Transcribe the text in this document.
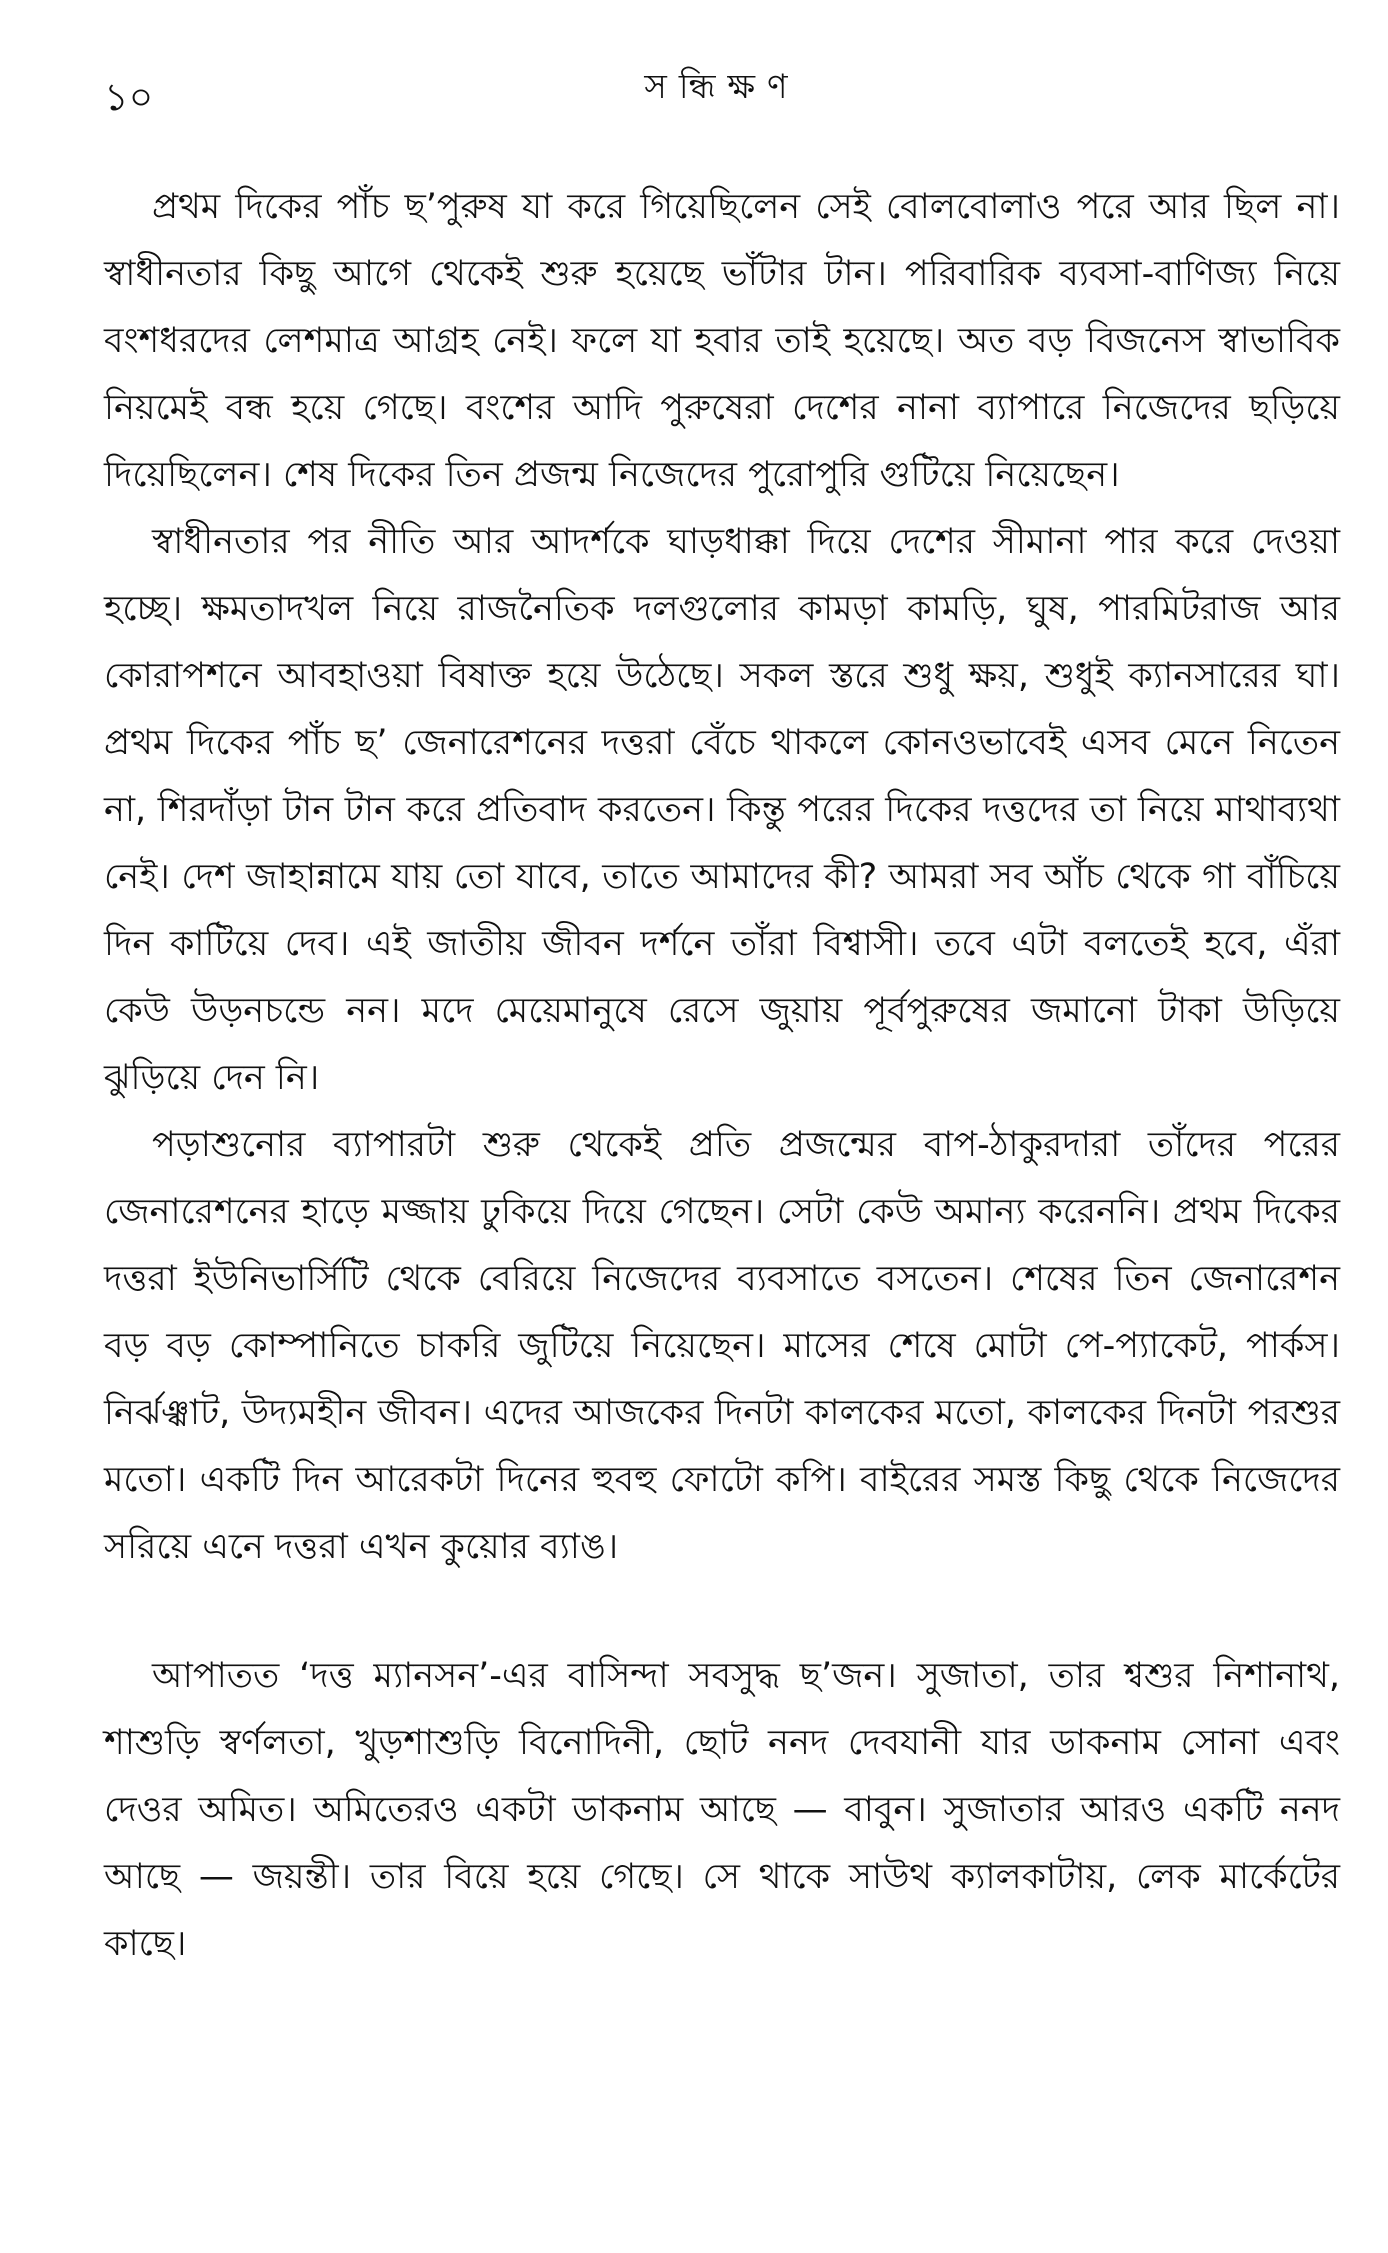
১০	সন্ধিক্ষণ

প্রথম দিকের পাঁচ ছ’পুরুষ যা করে গিয়েছিলেন সেই বোলবোলাও পরে আর ছিল না। স্বাধীনতার কিছু আগে থেকেই শুরু হয়েছে ভাঁটার টান। পরিবারিক ব্যবসা-বাণিজ্য নিয়ে বংশধরদের লেশমাত্র আগ্রহ নেই। ফলে যা হবার তাই হয়েছে। অত বড় বিজনেস স্বাভাবিক নিয়মেই বন্ধ হয়ে গেছে। বংশের আদি পুরুষেরা দেশের নানা ব্যাপারে নিজেদের ছড়িয়ে দিয়েছিলেন। শেষ দিকের তিন প্রজন্ম নিজেদের পুরোপুরি গুটিয়ে নিয়েছেন।

স্বাধীনতার পর নীতি আর আদর্শকে ঘাড়ধাক্কা দিয়ে দেশের সীমানা পার করে দেওয়া হচ্ছে। ক্ষমতাদখল নিয়ে রাজনৈতিক দলগুলোর কামড়া কামড়ি, ঘুষ, পারমিটরাজ আর কোরাপশনে আবহাওয়া বিষাক্ত হয়ে উঠেছে। সকল স্তরে শুধু ক্ষয়, শুধুই ক্যানসারের ঘা। প্রথম দিকের পাঁচ ছ’ জেনারেশনের দত্তরা বেঁচে থাকলে কোনওভাবেই এসব মেনে নিতেন না, শিরদাঁড়া টান টান করে প্রতিবাদ করতেন। কিন্তু পরের দিকের দত্তদের তা নিয়ে মাথাব্যথা নেই। দেশ জাহান্নামে যায় তো যাবে, তাতে আমাদের কী? আমরা সব আঁচ থেকে গা বাঁচিয়ে দিন কাটিয়ে দেব। এই জাতীয় জীবন দর্শনে তাঁরা বিশ্বাসী। তবে এটা বলতেই হবে, এঁরা কেউ উড়নচন্ডে নন। মদে মেয়েমানুষে রেসে জুয়ায় পূর্বপুরুষের জমানো টাকা উড়িয়ে ঝুড়িয়ে দেন নি।

পড়াশুনোর ব্যাপারটা শুরু থেকেই প্রতি প্রজন্মের বাপ-ঠাকুরদারা তাঁদের পরের জেনারেশনের হাড়ে মজ্জায় ঢুকিয়ে দিয়ে গেছেন। সেটা কেউ অমান্য করেননি। প্রথম দিকের দত্তরা ইউনিভার্সিটি থেকে বেরিয়ে নিজেদের ব্যবসাতে বসতেন। শেষের তিন জেনারেশন বড় বড় কোম্পানিতে চাকরি জুটিয়ে নিয়েছেন। মাসের শেষে মোটা পে-প্যাকেট, পার্কস। নির্ঝঞ্ঝাট, উদ্যমহীন জীবন। এদের আজকের দিনটা কালকের মতো, কালকের দিনটা পরশুর মতো। একটি দিন আরেকটা দিনের হুবহু ফোটো কপি। বাইরের সমস্ত কিছু থেকে নিজেদের সরিয়ে এনে দত্তরা এখন কুয়োর ব্যাঙ।

আপাতত ‘দত্ত ম্যানসন’-এর বাসিন্দা সবসুদ্ধ ছ’জন। সুজাতা, তার শ্বশুর নিশানাথ, শাশুড়ি স্বর্ণলতা, খুড়শাশুড়ি বিনোদিনী, ছোট ননদ দেবযানী যার ডাকনাম সোনা এবং দেওর অমিত। অমিতেরও একটা ডাকনাম আছে — বাবুন। সুজাতার আরও একটি ননদ আছে — জয়ন্তী। তার বিয়ে হয়ে গেছে। সে থাকে সাউথ ক্যালকাটায়, লেক মার্কেটের কাছে।
